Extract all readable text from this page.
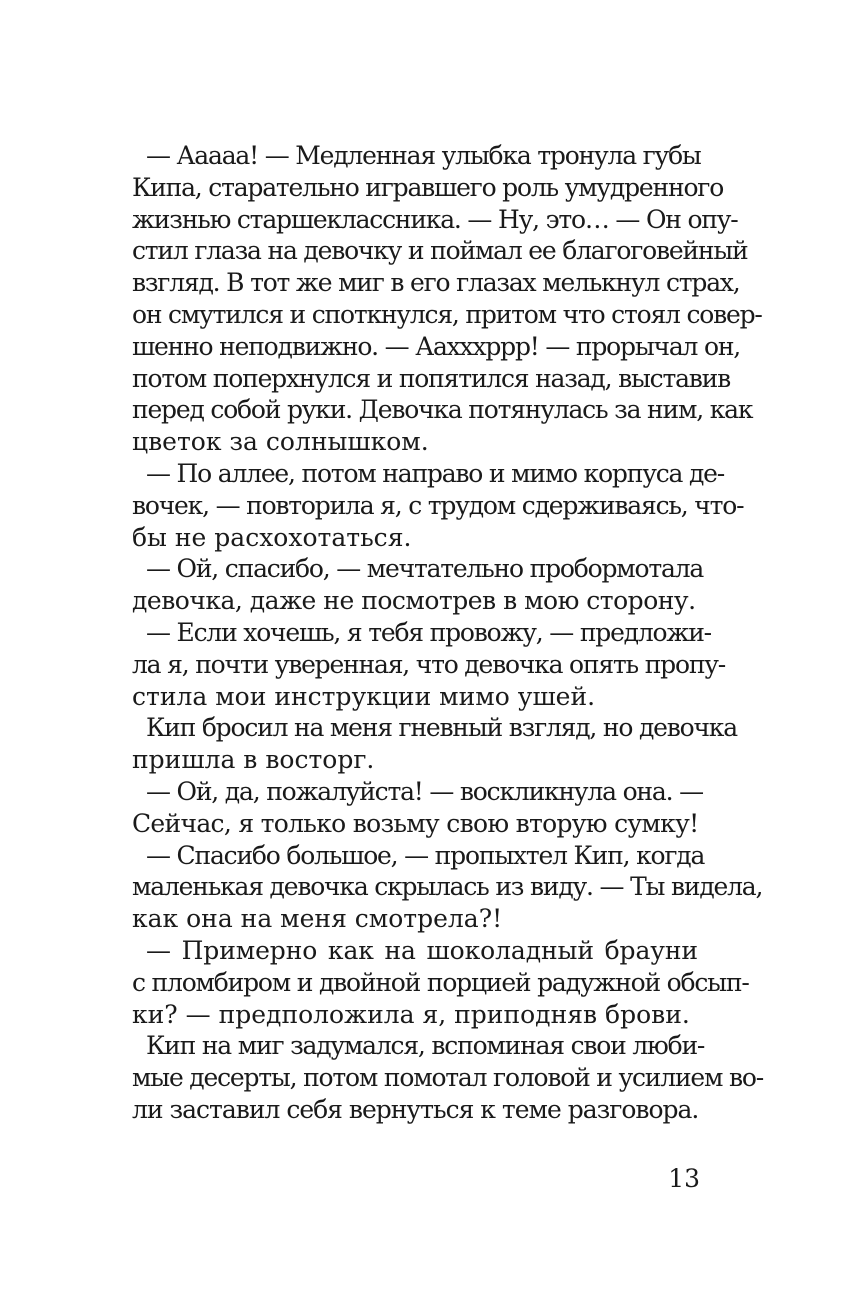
— Ааааа! — Медленная улыбка тронула губы
Кипа, старательно игравшего роль умудренного
жизнью старшеклассника. — Ну, это… — Он опу-
стил глаза на девочку и поймал ее благоговейный
взгляд. В тот же миг в его глазах мелькнул страх,
он смутился и споткнулся, притом что стоял совер-
шенно неподвижно. — Аахххррр! — прорычал он,
потом поперхнулся и попятился назад, выставив
перед собой руки. Девочка потянулась за ним, как
цветок за солнышком.
— По аллее, потом направо и мимо корпуса де-
вочек, — повторила я, с трудом сдерживаясь, что-
бы не расхохотаться.
— Ой, спасибо, — мечтательно пробормотала
девочка, даже не посмотрев в мою сторону.
— Если хочешь, я тебя провожу, — предложи-
ла я, почти уверенная, что девочка опять пропу-
стила мои инструкции мимо ушей.
Кип бросил на меня гневный взгляд, но девочка
пришла в восторг.
— Ой, да, пожалуйста! — воскликнула она. —
Сейчас, я только возьму свою вторую сумку!
— Спасибо большое, — пропыхтел Кип, когда
маленькая девочка скрылась из виду. — Ты видела,
как она на меня смотрела?!
— Примерно как на шоколадный брауни
с пломбиром и двойной порцией радужной обсып-
ки? — предположила я, приподняв брови.
Кип на миг задумался, вспоминая свои люби-
мые десерты, потом помотал головой и усилием во-
ли заставил себя вернуться к теме разговора.
13
